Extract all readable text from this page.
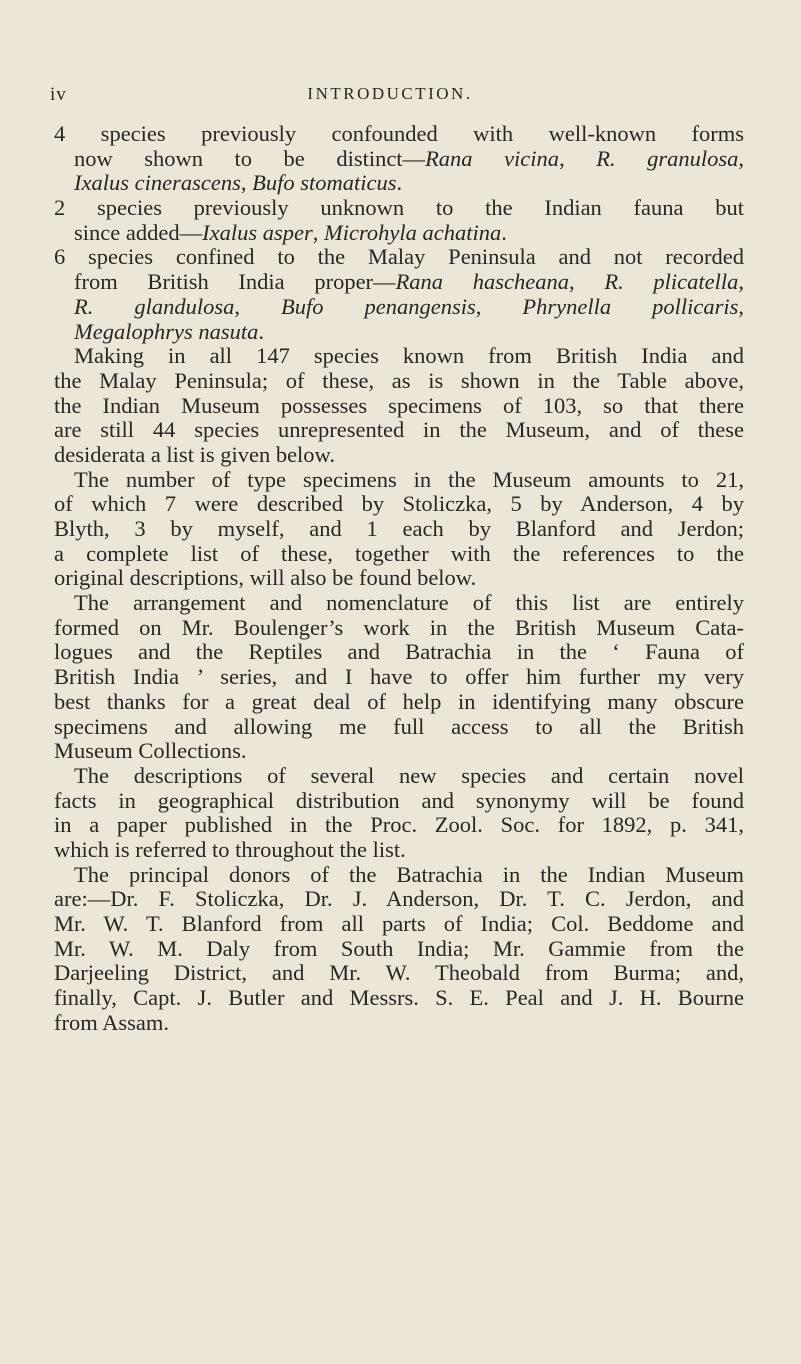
iv	INTRODUCTION.
4 species previously confounded with well-known forms
now shown to be distinct—Rana vicina, R. granulosa,
Ixalus cinerascens, Bufo stomaticus.
2 species previously unknown to the Indian fauna but
since added—Ixalus asper, Microhyla achatina.
6 species confined to the Malay Peninsula and not recorded
from British India proper—Rana hascheana, R. plicatella,
R. glandulosa, Bufo penangensis, Phrynella pollicaris,
Megalophrys nasuta.
Making in all 147 species known from British India and
the Malay Peninsula; of these, as is shown in the Table above,
the Indian Museum possesses specimens of 103, so that there
are still 44 species unrepresented in the Museum, and of these
desiderata a list is given below.
The number of type specimens in the Museum amounts to 21,
of which 7 were described by Stoliczka, 5 by Anderson, 4 by
Blyth, 3 by myself, and 1 each by Blanford and Jerdon;
a complete list of these, together with the references to the
original descriptions, will also be found below.
The arrangement and nomenclature of this list are entirely
formed on Mr. Boulenger’s work in the British Museum Cata-
logues and the Reptiles and Batrachia in the ‘ Fauna of
British India ’ series, and I have to offer him further my very
best thanks for a great deal of help in identifying many obscure
specimens and allowing me full access to all the British
Museum Collections.
The descriptions of several new species and certain novel
facts in geographical distribution and synonymy will be found
in a paper published in the Proc. Zool. Soc. for 1892, p. 341,
which is referred to throughout the list.
The principal donors of the Batrachia in the Indian Museum
are:—Dr. F. Stoliczka, Dr. J. Anderson, Dr. T. C. Jerdon, and
Mr. W. T. Blanford from all parts of India; Col. Beddome and
Mr. W. M. Daly from South India; Mr. Gammie from the
Darjeeling District, and Mr. W. Theobald from Burma; and,
finally, Capt. J. Butler and Messrs. S. E. Peal and J. H. Bourne
from Assam.
